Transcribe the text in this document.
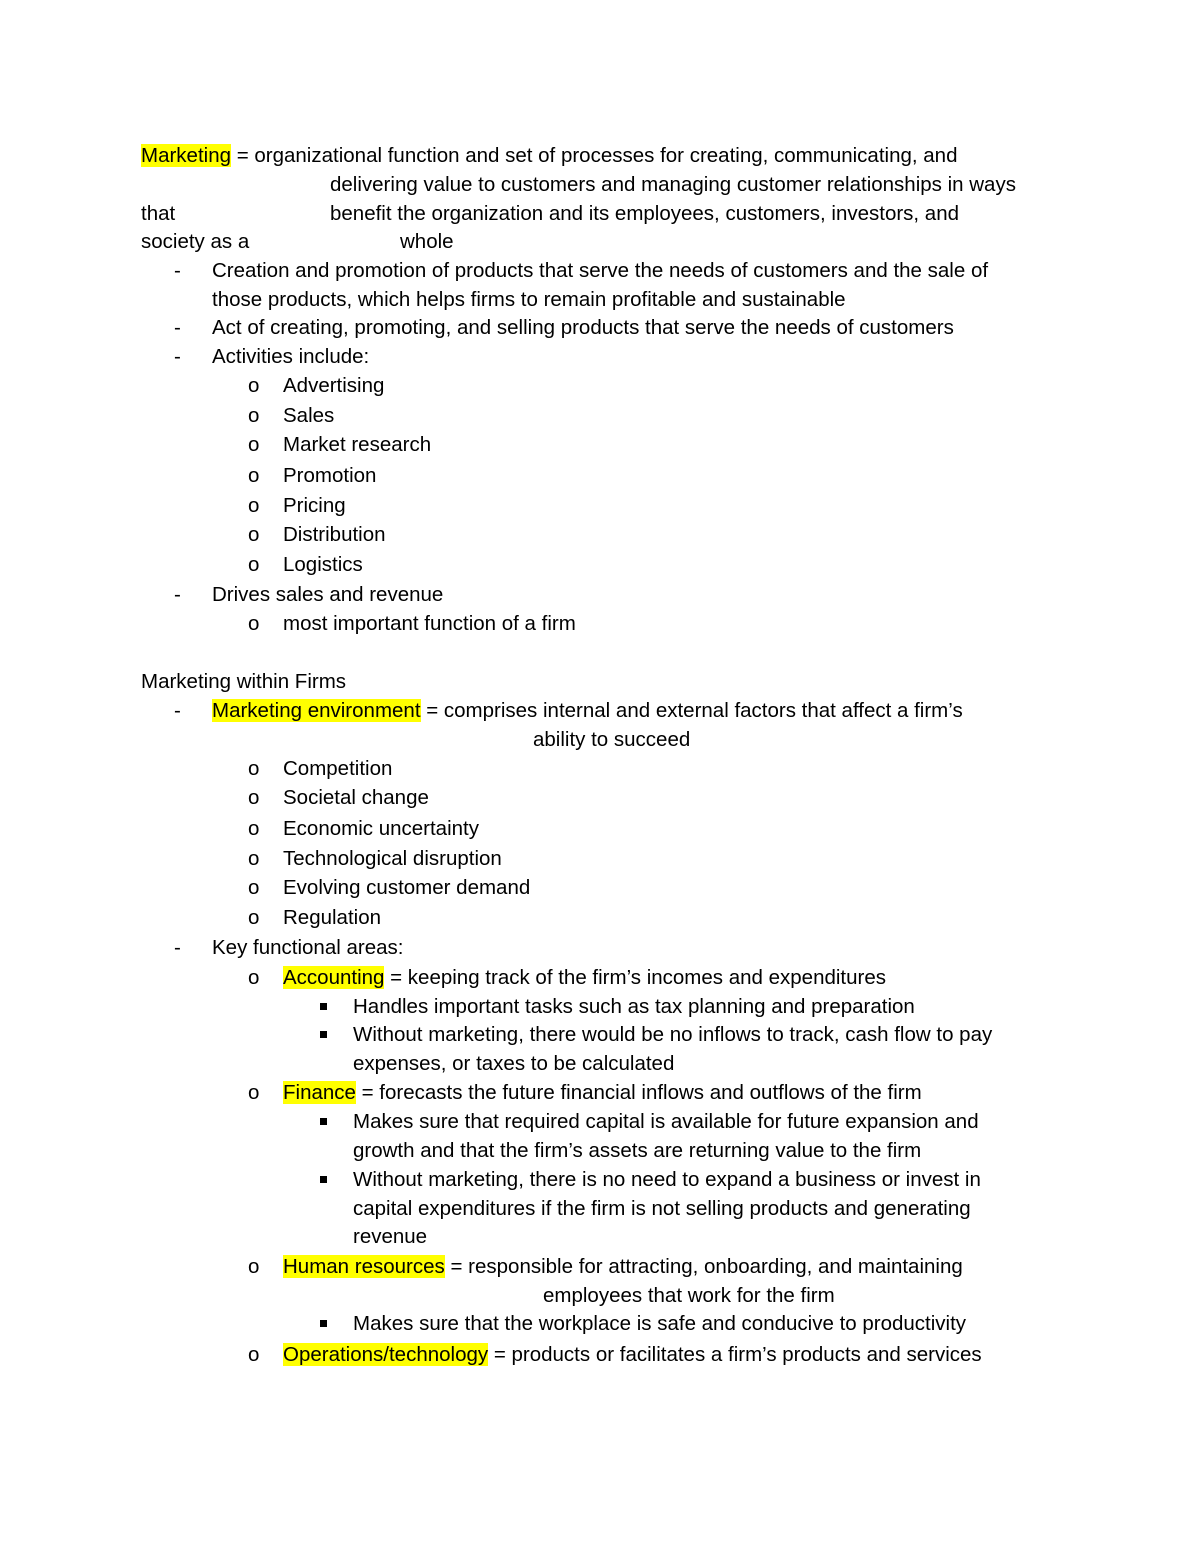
Marketing = organizational function and set of processes for creating, communicating, and
delivering value to customers and managing customer relationships in ways
that	benefit the organization and its employees, customers, investors, and
society as a	whole
- Creation and promotion of products that serve the needs of customers and the sale of
those products, which helps firms to remain profitable and sustainable
- Act of creating, promoting, and selling products that serve the needs of customers
- Activities include:
o Advertising
o Sales
o Market research
o Promotion
o Pricing
o Distribution
o Logistics
- Drives sales and revenue
o most important function of a firm
Marketing within Firms
- Marketing environment = comprises internal and external factors that affect a firm’s
ability to succeed
o Competition
o Societal change
o Economic uncertainty
o Technological disruption
o Evolving customer demand
o Regulation
- Key functional areas:
o Accounting = keeping track of the firm’s incomes and expenditures
Handles important tasks such as tax planning and preparation
Without marketing, there would be no inflows to track, cash flow to pay
expenses, or taxes to be calculated
o Finance = forecasts the future financial inflows and outflows of the firm
Makes sure that required capital is available for future expansion and
growth and that the firm’s assets are returning value to the firm
Without marketing, there is no need to expand a business or invest in
capital expenditures if the firm is not selling products and generating
revenue
o Human resources = responsible for attracting, onboarding, and maintaining
employees that work for the firm
Makes sure that the workplace is safe and conducive to productivity
o Operations/technology = products or facilitates a firm’s products and services
